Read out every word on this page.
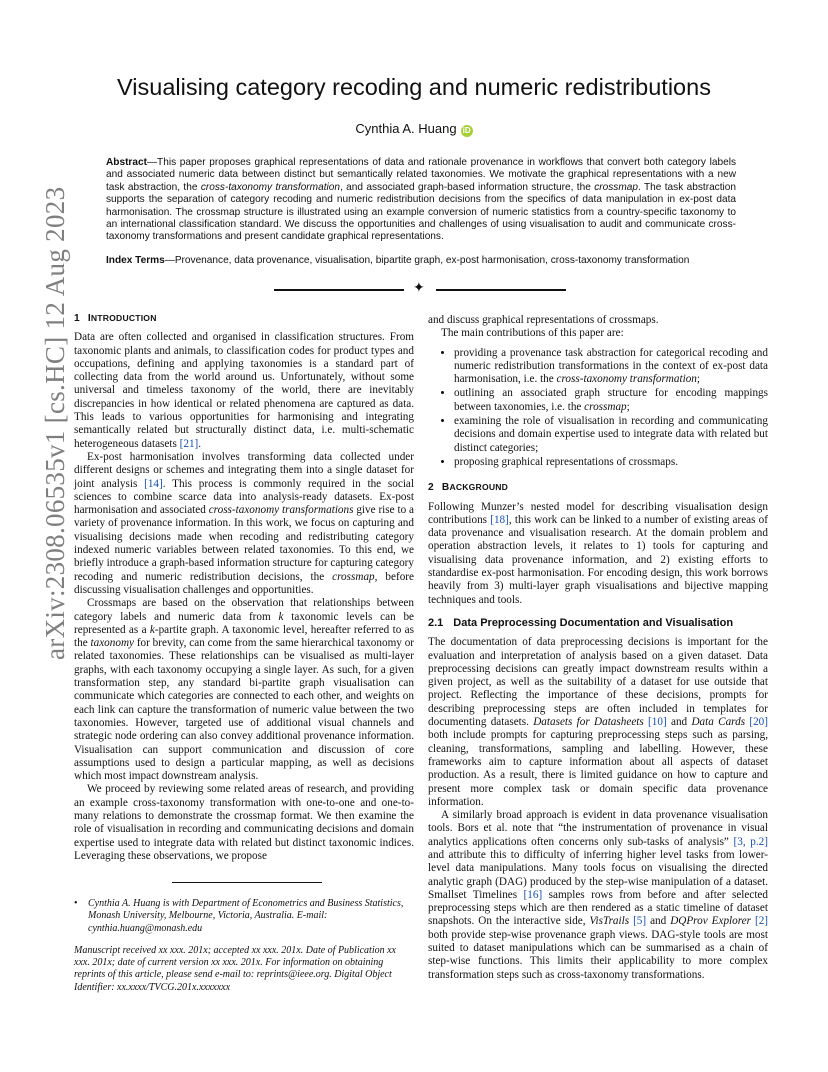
Visualising category recoding and numeric redistributions
Cynthia A. Huang iD

Abstract—This paper proposes graphical representations of data and rationale provenance in workflows that convert both category labels and associated numeric data between distinct but semantically related taxonomies. We motivate the graphical representations with a new task abstraction, the cross-taxonomy transformation, and associated graph-based information structure, the crossmap. The task abstraction supports the separation of category recoding and numeric redistribution decisions from the specifics of data manipulation in ex-post data harmonisation. The crossmap structure is illustrated using an example conversion of numeric statistics from a country-specific taxonomy to an international classification standard. We discuss the opportunities and challenges of using visualisation to audit and communicate cross-taxonomy transformations and present candidate graphical representations.

Index Terms—Provenance, data provenance, visualisation, bipartite graph, ex-post harmonisation, cross-taxonomy transformation

✦
arXiv:2308.06535v1 [cs.HC] 12 Aug 2023 1 INTRODUCTION

Data are often collected and organised in classification structures. From taxonomic plants and animals, to classification codes for product types and occupations, defining and applying taxonomies is a standard part of collecting data from the world around us. Unfortunately, without some universal and timeless taxonomy of the world, there are inevitably discrepancies in how identical or related phenomena are captured as data. This leads to various opportunities for harmonising and integrating semantically related but structurally distinct data, i.e. multi-schematic heterogeneous datasets [21].

Ex-post harmonisation involves transforming data collected under different designs or schemes and integrating them into a single dataset for joint analysis [14]. This process is commonly required in the social sciences to combine scarce data into analysis-ready datasets. Ex-post harmonisation and associated cross-taxonomy transformations give rise to a variety of provenance information. In this work, we focus on capturing and visualising decisions made when recoding and redistributing category indexed numeric variables between related taxonomies. To this end, we briefly introduce a graph-based information structure for capturing category recoding and numeric redistribution decisions, the crossmap, before discussing visualisation challenges and opportunities.

Crossmaps are based on the observation that relationships between category labels and numeric data from k taxonomic levels can be represented as a k-partite graph. A taxonomic level, hereafter referred to as the taxonomy for brevity, can come from the same hierarchical taxonomy or related taxonomies. These relationships can be visualised as multi-layer graphs, with each taxonomy occupying a single layer. As such, for a given transformation step, any standard bi-partite graph visualisation can communicate which categories are connected to each other, and weights on each link can capture the transformation of numeric value between the two taxonomies. However, targeted use of additional visual channels and strategic node ordering can also convey additional provenance information. Visualisation can support communication and discussion of core assumptions used to design a particular mapping, as well as decisions which most impact downstream analysis.

We proceed by reviewing some related areas of research, and providing an example cross-taxonomy transformation with one-to-one and one-to-many relations to demonstrate the crossmap format. We then examine the role of visualisation in recording and communicating decisions and domain expertise used to integrate data with related but distinct taxonomic indices. Leveraging these observations, we propose

and discuss graphical representations of crossmaps.

The main contributions of this paper are:

• providing a provenance task abstraction for categorical recoding and numeric redistribution transformations in the context of ex-post data harmonisation, i.e. the cross-taxonomy transformation;
• outlining an associated graph structure for encoding mappings between taxonomies, i.e. the crossmap;
• examining the role of visualisation in recording and communicating decisions and domain expertise used to integrate data with related but distinct categories;
• proposing graphical representations of crossmaps.
2 BACKGROUND

Following Munzer’s nested model for describing visualisation design contributions [18], this work can be linked to a number of existing areas of data provenance and visualisation research. At the domain problem and operation abstraction levels, it relates to 1) tools for capturing and visualising data provenance information, and 2) existing efforts to standardise ex-post harmonisation. For encoding design, this work borrows heavily from 3) multi-layer graph visualisations and bijective mapping techniques and tools.

2.1 Data Preprocessing Documentation and Visualisation

The documentation of data preprocessing decisions is important for the evaluation and interpretation of analysis based on a given dataset. Data preprocessing decisions can greatly impact downstream results within a given project, as well as the suitability of a dataset for use outside that project. Reflecting the importance of these decisions, prompts for describing preprocessing steps are often included in templates for documenting datasets. Datasets for Datasheets [10] and Data Cards [20] both include prompts for capturing preprocessing steps such as parsing, cleaning, transformations, sampling and labelling. However, these frameworks aim to capture information about all aspects of dataset production. As a result, there is limited guidance on how to capture and present more complex task or domain specific data provenance information.

A similarly broad approach is evident in data provenance visualisation tools. Bors et al. note that “the instrumentation of provenance in visual analytics applications often concerns only sub-tasks of analysis” [3, p.2] and attribute this to difficulty of inferring higher level tasks from lower-level data manipulations. Many tools focus on visualising the directed analytic graph (DAG) produced by the step-wise manipulation of a dataset. Smallset Timelines [16] samples rows from before and after selected preprocessing steps which are then rendered as a static timeline of dataset snapshots. On the interactive side, VisTrails [5] and DQProv Explorer [2] both provide step-wise provenance graph views. DAG-style tools are most suited to dataset manipulations which can be summarised as a chain of step-wise functions. This limits their applicability to more complex transformation steps such as cross-taxonomy transformations.

• Cynthia A. Huang is with Department of Econometrics and Business Statistics, Monash University, Melbourne, Victoria, Australia. E-mail: cynthia.huang@monash.edu
Manuscript received xx xxx. 201x; accepted xx xxx. 201x. Date of Publication xx xxx. 201x; date of current version xx xxx. 201x. For information on obtaining reprints of this article, please send e-mail to: reprints@ieee.org. Digital Object Identifier: xx.xxxx/TVCG.201x.xxxxxxx
